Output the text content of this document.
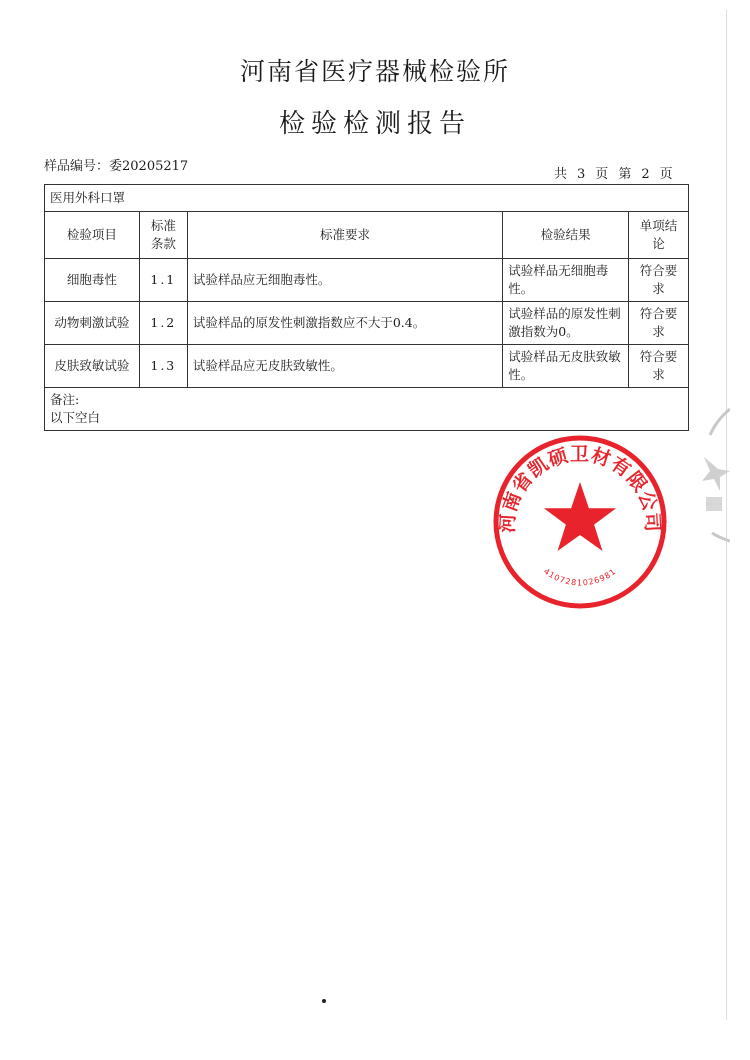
河南省医疗器械检验所
检验检测报告
样品编号：委20205217
共 3 页 第 2 页
医用外科口罩				
检验项目	标准条款	标准要求	检验结果	单项结论
细胞毒性	1.1	试验样品应无细胞毒性。	试验样品无细胞毒性。	符合要求
动物刺激试验	1.2	试验样品的原发性刺激指数应不大于0.4。	试验样品的原发性刺激指数为0。	符合要求
皮肤致敏试验	1.3	试验样品应无皮肤致敏性。	试验样品无皮肤致敏性。	符合要求

备注:
以下空白				
河南省凯硕卫材有限公司
4107281026981
